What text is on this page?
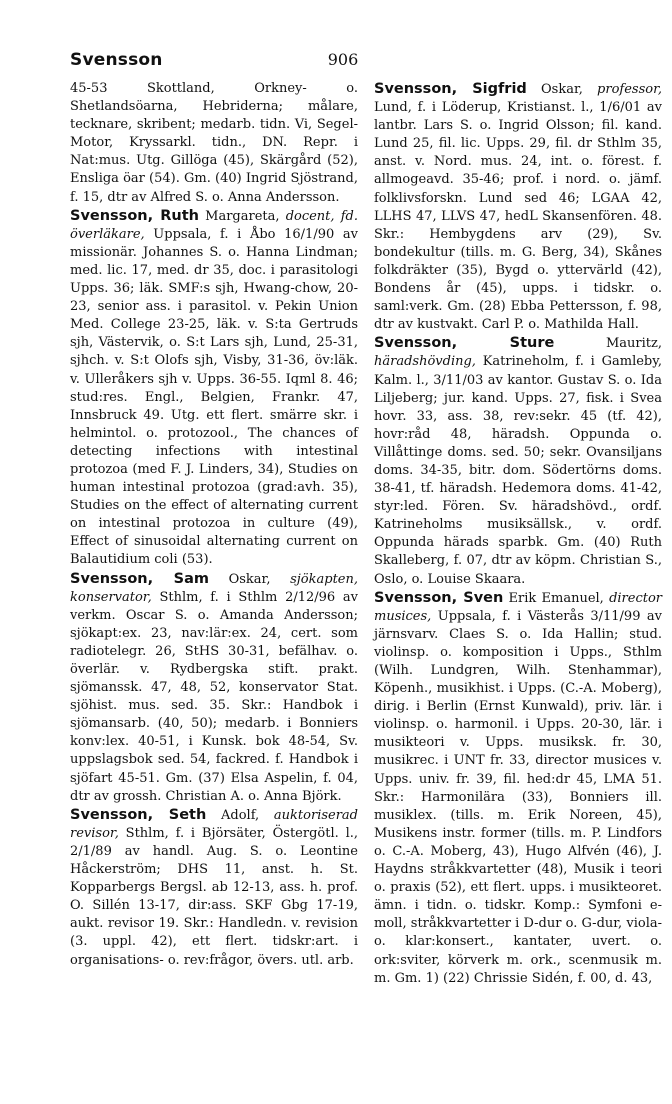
Svensson	906

45-53 Skottland, Orkney- o. Shetlandsöarna, Hebriderna; målare, tecknare, skribent; medarb. tidn. Vi, Segel-Motor, Kryssarkl. tidn., DN. Repr. i Nat:mus. Utg. Gillöga (45), Skärgård (52), Ensliga öar (54). Gm. (40) Ingrid Sjöstrand, f. 15, dtr av Alfred S. o. Anna Andersson.

Svensson, Ruth Margareta, docent, fd. överläkare, Uppsala, f. i Åbo 16/1/90 av missionär. Johannes S. o. Hanna Lindman; med. lic. 17, med. dr 35, doc. i parasitologi Upps. 36; läk. SMF:s sjh, Hwang-chow, 20-23, senior ass. i parasitol. v. Pekin Union Med. College 23-25, läk. v. S:ta Gertruds sjh, Västervik, o. S:t Lars sjh, Lund, 25-31, sjhch. v. S:t Olofs sjh, Visby, 31-36, öv:läk. v. Ulleråkers sjh v. Upps. 36-55. Iqml 8. 46; stud:res. Engl., Belgien, Frankr. 47, Innsbruck 49. Utg. ett flert. smärre skr. i helmintol. o. protozool., The chances of detecting infections with intestinal protozoa (med F. J. Linders, 34), Studies on human intestinal protozoa (grad:avh. 35), Studies on the effect of alternating current on intestinal protozoa in culture (49), Effect of sinusoidal alternating current on Balautidium coli (53).

Svensson, Sam Oskar, sjökapten, konservator, Sthlm, f. i Sthlm 2/12/96 av verkm. Oscar S. o. Amanda Andersson; sjökapt:ex. 23, nav:lär:ex. 24, cert. som radiotelegr. 26, StHS 30-31, befälhav. o. överlär. v. Rydbergska stift. prakt. sjömanssk. 47, 48, 52, konservator Stat. sjöhist. mus. sed. 35. Skr.: Handbok i sjömansarb. (40, 50); medarb. i Bonniers konv:lex. 40-51, i Kunsk. bok 48-54, Sv. uppslagsbok sed. 54, fackred. f. Handbok i sjöfart 45-51. Gm. (37) Elsa Aspelin, f. 04, dtr av grossh. Christian A. o. Anna Björk.

Svensson, Seth Adolf, auktoriserad revisor, Sthlm, f. i Björsäter, Östergötl. l., 2/1/89 av handl. Aug. S. o. Leontine Håckerström; DHS 11, anst. h. St. Kopparbergs Bergsl. ab 12-13, ass. h. prof. O. Sillén 13-17, dir:ass. SKF Gbg 17-19, aukt. revisor 19. Skr.: Handledn. v. revision (3. uppl. 42), ett flert. tidskr:art. i organisations- o. rev:frågor, övers. utl. arb.

Svensson, Sigfrid Oskar, professor, Lund, f. i Löderup, Kristianst. l., 1/6/01 av lantbr. Lars S. o. Ingrid Olsson; fil. kand. Lund 25, fil. lic. Upps. 29, fil. dr Sthlm 35, anst. v. Nord. mus. 24, int. o. förest. f. allmogeavd. 35-46; prof. i nord. o. jämf. folklivsforskn. Lund sed 46; LGAA 42, LLHS 47, LLVS 47, hedL Skansenfören. 48. Skr.: Hembygdens arv (29), Sv. bondekultur (tills. m. G. Berg, 34), Skånes folkdräkter (35), Bygd o. yttervärld (42), Bondens år (45), upps. i tidskr. o. saml:verk. Gm. (28) Ebba Pettersson, f. 98, dtr av kustvakt. Carl P. o. Mathilda Hall.

Svensson, Sture Mauritz, häradshövding, Katrineholm, f. i Gamleby, Kalm. l., 3/11/03 av kantor. Gustav S. o. Ida Liljeberg; jur. kand. Upps. 27, fisk. i Svea hovr. 33, ass. 38, rev:sekr. 45 (tf. 42), hovr:råd 48, häradsh. Oppunda o. Villåttinge doms. sed. 50; sekr. Ovansiljans doms. 34-35, bitr. dom. Södertörns doms. 38-41, tf. häradsh. Hedemora doms. 41-42, styr:led. Fören. Sv. häradshövd., ordf. Katrineholms musiksällsk., v. ordf. Oppunda härads sparbk. Gm. (40) Ruth Skalleberg, f. 07, dtr av köpm. Christian S., Oslo, o. Louise Skaara.

Svensson, Sven Erik Emanuel, director musices, Uppsala, f. i Västerås 3/11/99 av järnsvarv. Claes S. o. Ida Hallin; stud. violinsp. o. komposition i Upps., Sthlm (Wilh. Lundgren, Wilh. Stenhammar), Köpenh., musikhist. i Upps. (C.-A. Moberg), dirig. i Berlin (Ernst Kunwald), priv. lär. i violinsp. o. harmonil. i Upps. 20-30, lär. i musikteori v. Upps. musiksk. fr. 30, musikrec. i UNT fr. 33, director musices v. Upps. univ. fr. 39, fil. hed:dr 45, LMA 51. Skr.: Harmonilära (33), Bonniers ill. musiklex. (tills. m. Erik Noreen, 45), Musikens instr. former (tills. m. P. Lindfors o. C.-A. Moberg, 43), Hugo Alfvén (46), J. Haydns stråkkvartetter (48), Musik i teori o. praxis (52), ett flert. upps. i musikteoret. ämn. i tidn. o. tidskr. Komp.: Symfoni e-moll, stråkkvartetter i D-dur o. G-dur, viola- o. klar:konsert., kantater, uvert. o. ork:sviter, körverk m. ork., scenmusik m. m. Gm. 1) (22) Chrissie Sidén, f. 00, d. 43,
